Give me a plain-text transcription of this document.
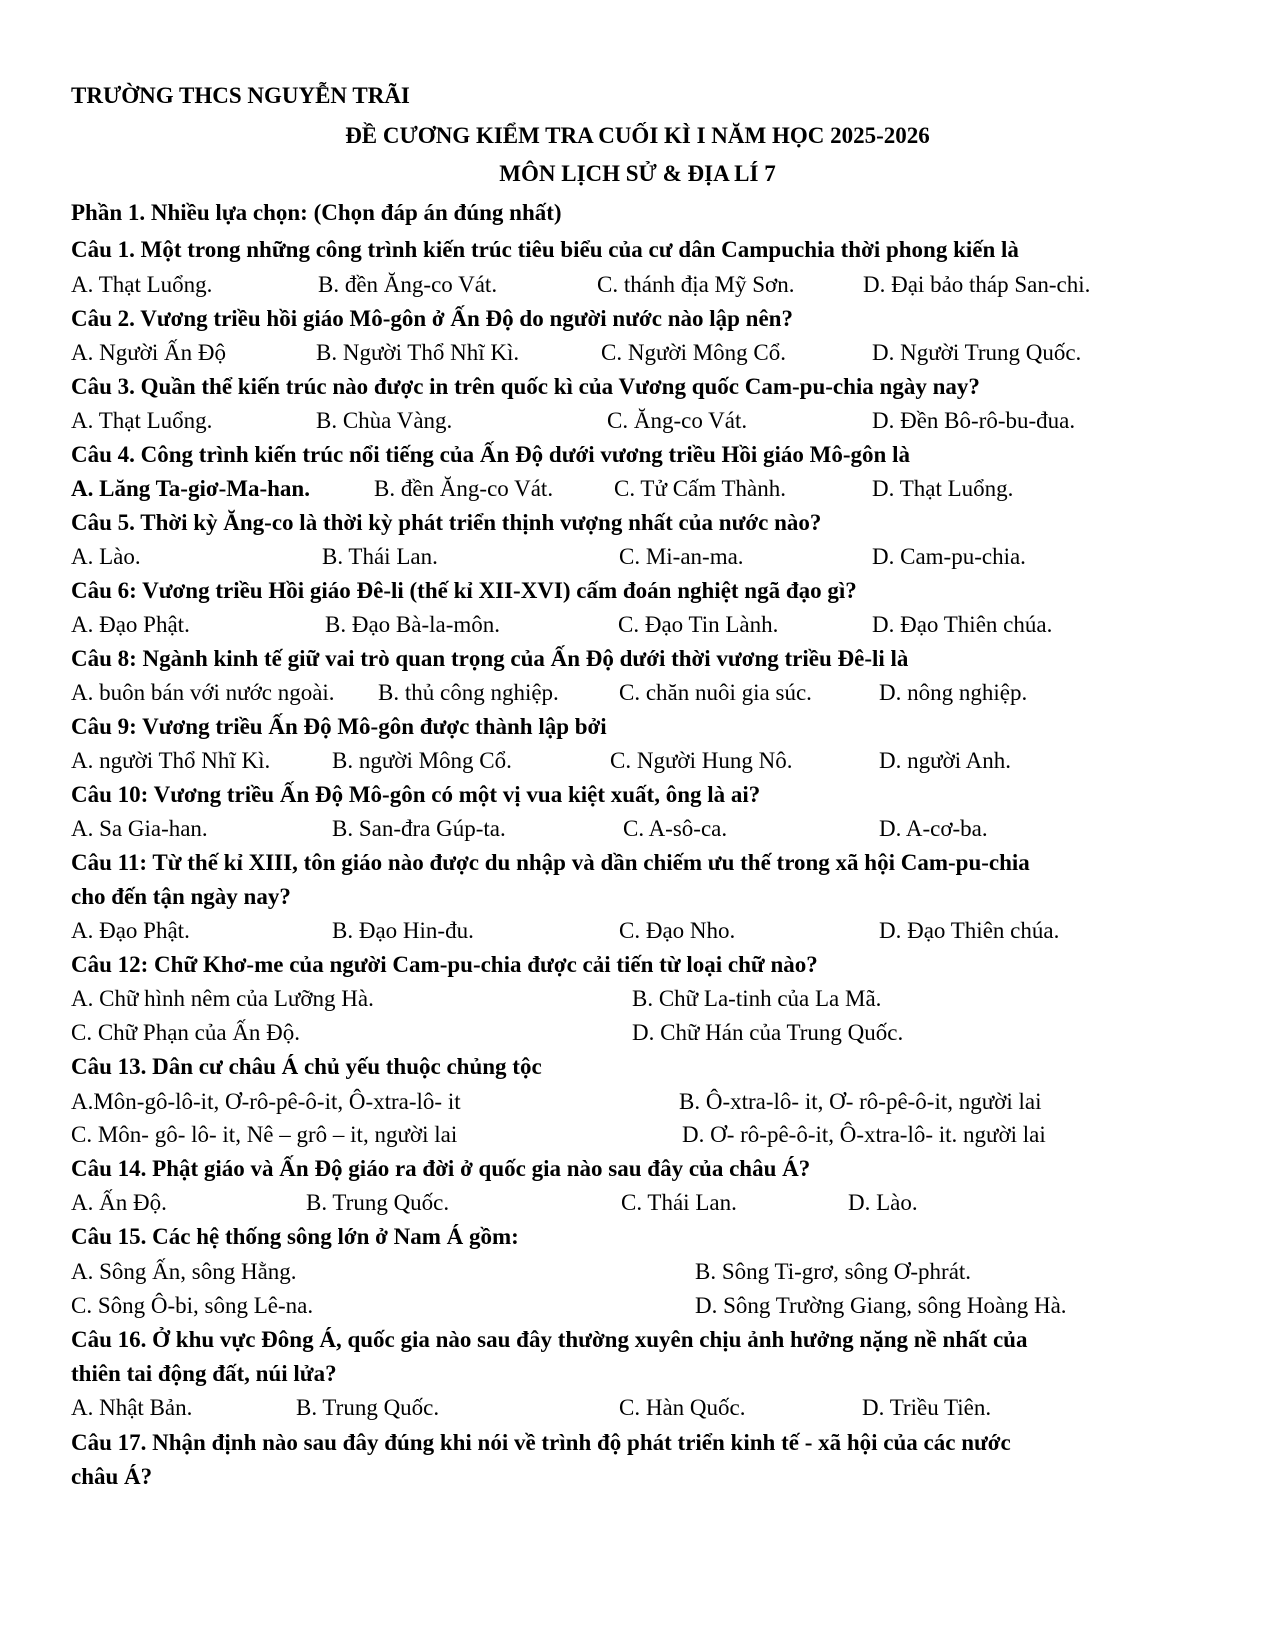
TRƯỜNG THCS NGUYỄN TRÃI
ĐỀ CƯƠNG KIỂM TRA CUỐI KÌ I NĂM HỌC 2025-2026
MÔN LỊCH SỬ & ĐỊA LÍ 7
Phần 1. Nhiều lựa chọn: (Chọn đáp án đúng nhất)
Câu 1. Một trong những công trình kiến trúc tiêu biểu của cư dân Campuchia thời phong kiến là
A. Thạt Luổng.	B. đền Ăng-co Vát.	C. thánh địa Mỹ Sơn.	D. Đại bảo tháp San-chi.
Câu 2. Vương triều hồi giáo Mô-gôn ở Ấn Độ do người nước nào lập nên?
A. Người Ấn Độ	B. Người Thổ Nhĩ Kì.	C. Người Mông Cổ.	D. Người Trung Quốc.
Câu 3. Quần thể kiến trúc nào được in trên quốc kì của Vương quốc Cam-pu-chia ngày nay?
A. Thạt Luổng.	B. Chùa Vàng.	C. Ăng-co Vát.	D. Đền Bô-rô-bu-đua.
Câu 4. Công trình kiến trúc nổi tiếng của Ấn Độ dưới vương triều Hồi giáo Mô-gôn là
A. Lăng Ta-giơ-Ma-han.	B. đền Ăng-co Vát.	C. Tử Cấm Thành.	D. Thạt Luổng.
Câu 5. Thời kỳ Ăng-co là thời kỳ phát triển thịnh vượng nhất của nước nào?
A. Lào.	B. Thái Lan.	C. Mi-an-ma.	D. Cam-pu-chia.
Câu 6: Vương triều Hồi giáo Đê-li (thế kỉ XII-XVI) cấm đoán nghiệt ngã đạo gì?
A. Đạo Phật.	B. Đạo Bà-la-môn.	C. Đạo Tin Lành.	D. Đạo Thiên chúa.
Câu 8: Ngành kinh tế giữ vai trò quan trọng của Ấn Độ dưới thời vương triều Đê-li là
A. buôn bán với nước ngoài. B. thủ công nghiệp.	C. chăn nuôi gia súc.	D. nông nghiệp.
Câu 9: Vương triều Ấn Độ Mô-gôn được thành lập bởi
A. người Thổ Nhĩ Kì.	B. người Mông Cổ.	C. Người Hung Nô.	D. người Anh.
Câu 10: Vương triều Ấn Độ Mô-gôn có một vị vua kiệt xuất, ông là ai?
A. Sa Gia-han.	B. San-đra Gúp-ta.	C. A-sô-ca.	D. A-cơ-ba.
Câu 11: Từ thế kỉ XIII, tôn giáo nào được du nhập và dần chiếm ưu thế trong xã hội Cam-pu-chia
cho đến tận ngày nay?
A. Đạo Phật.	B. Đạo Hin-đu.	C. Đạo Nho.	D. Đạo Thiên chúa.
Câu 12: Chữ Khơ-me của người Cam-pu-chia được cải tiến từ loại chữ nào?
A. Chữ hình nêm của Lưỡng Hà.	B. Chữ La-tinh của La Mã.
C. Chữ Phạn của Ấn Độ.	D. Chữ Hán của Trung Quốc.
Câu 13. Dân cư châu Á chủ yếu thuộc chủng tộc
A.Môn-gô-lô-it, Ơ-rô-pê-ô-it, Ô-xtra-lô- it	B. Ô-xtra-lô- it, Ơ- rô-pê-ô-it, người lai
C. Môn- gô- lô- it, Nê – grô – it, người lai	D. Ơ- rô-pê-ô-it, Ô-xtra-lô- it. người lai
Câu 14. Phật giáo và Ấn Độ giáo ra đời ở quốc gia nào sau đây của châu Á?
A. Ấn Độ.	B. Trung Quốc.	C. Thái Lan.	D. Lào.
Câu 15. Các hệ thống sông lớn ở Nam Á gồm:
A. Sông Ấn, sông Hằng.	B. Sông Ti-grơ, sông Ơ-phrát.
C. Sông Ô-bi, sông Lê-na.	D. Sông Trường Giang, sông Hoàng Hà.
Câu 16. Ở khu vực Đông Á, quốc gia nào sau đây thường xuyên chịu ảnh hưởng nặng nề nhất của
thiên tai động đất, núi lửa?
A. Nhật Bản.	B. Trung Quốc.	C. Hàn Quốc.	D. Triều Tiên.
Câu 17. Nhận định nào sau đây đúng khi nói về trình độ phát triển kinh tế - xã hội của các nước
châu Á?
